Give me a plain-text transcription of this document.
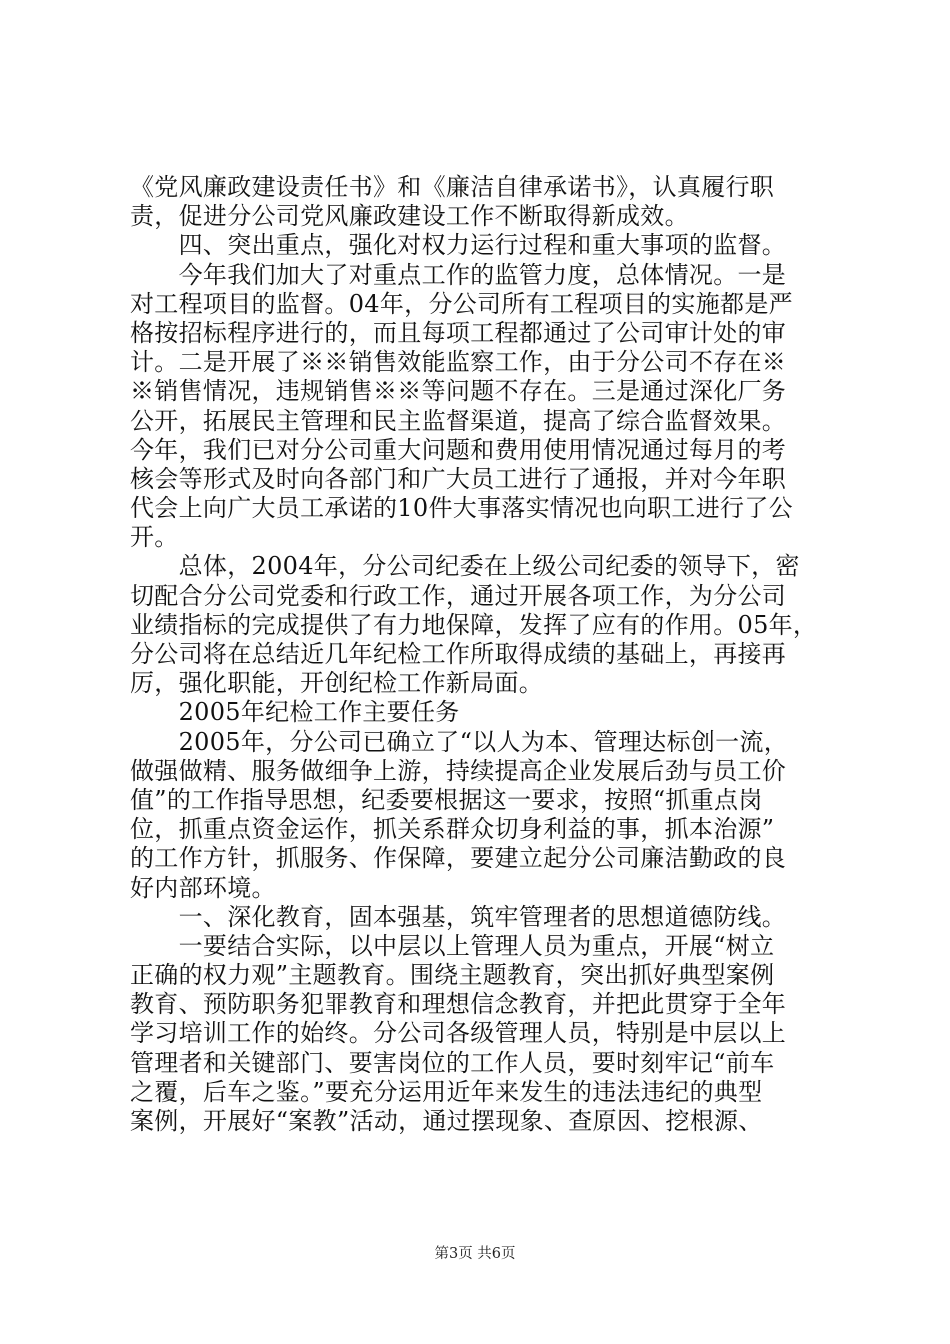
《党风廉政建设责任书》和《廉洁自律承诺书》，认真履行职
责，促进分公司党风廉政建设工作不断取得新成效。
　　四、突出重点，强化对权力运行过程和重大事项的监督。
　　今年我们加大了对重点工作的监管力度，总体情况。一是
对工程项目的监督。04年，分公司所有工程项目的实施都是严
格按招标程序进行的，而且每项工程都通过了公司审计处的审
计。二是开展了※※销售效能监察工作，由于分公司不存在※
※销售情况，违规销售※※等问题不存在。三是通过深化厂务
公开，拓展民主管理和民主监督渠道，提高了综合监督效果。
今年，我们已对分公司重大问题和费用使用情况通过每月的考
核会等形式及时向各部门和广大员工进行了通报，并对今年职
代会上向广大员工承诺的10件大事落实情况也向职工进行了公
开。
　　总体，2004年，分公司纪委在上级公司纪委的领导下，密
切配合分公司党委和行政工作，通过开展各项工作，为分公司
业绩指标的完成提供了有力地保障，发挥了应有的作用。05年，
分公司将在总结近几年纪检工作所取得成绩的基础上，再接再
厉，强化职能，开创纪检工作新局面。
　　2005年纪检工作主要任务
　　2005年，分公司已确立了“以人为本、管理达标创一流，
做强做精、服务做细争上游，持续提高企业发展后劲与员工价
值”的工作指导思想，纪委要根据这一要求，按照“抓重点岗
位，抓重点资金运作，抓关系群众切身利益的事，抓本治源”
的工作方针，抓服务、作保障，要建立起分公司廉洁勤政的良
好内部环境。
　　一、深化教育，固本强基，筑牢管理者的思想道德防线。
　　一要结合实际，以中层以上管理人员为重点，开展“树立
正确的权力观”主题教育。围绕主题教育，突出抓好典型案例
教育、预防职务犯罪教育和理想信念教育，并把此贯穿于全年
学习培训工作的始终。分公司各级管理人员，特别是中层以上
管理者和关键部门、要害岗位的工作人员，要时刻牢记“前车
之覆，后车之鉴。”要充分运用近年来发生的违法违纪的典型
案例，开展好“案教”活动，通过摆现象、查原因、挖根源、
第3页 共6页
